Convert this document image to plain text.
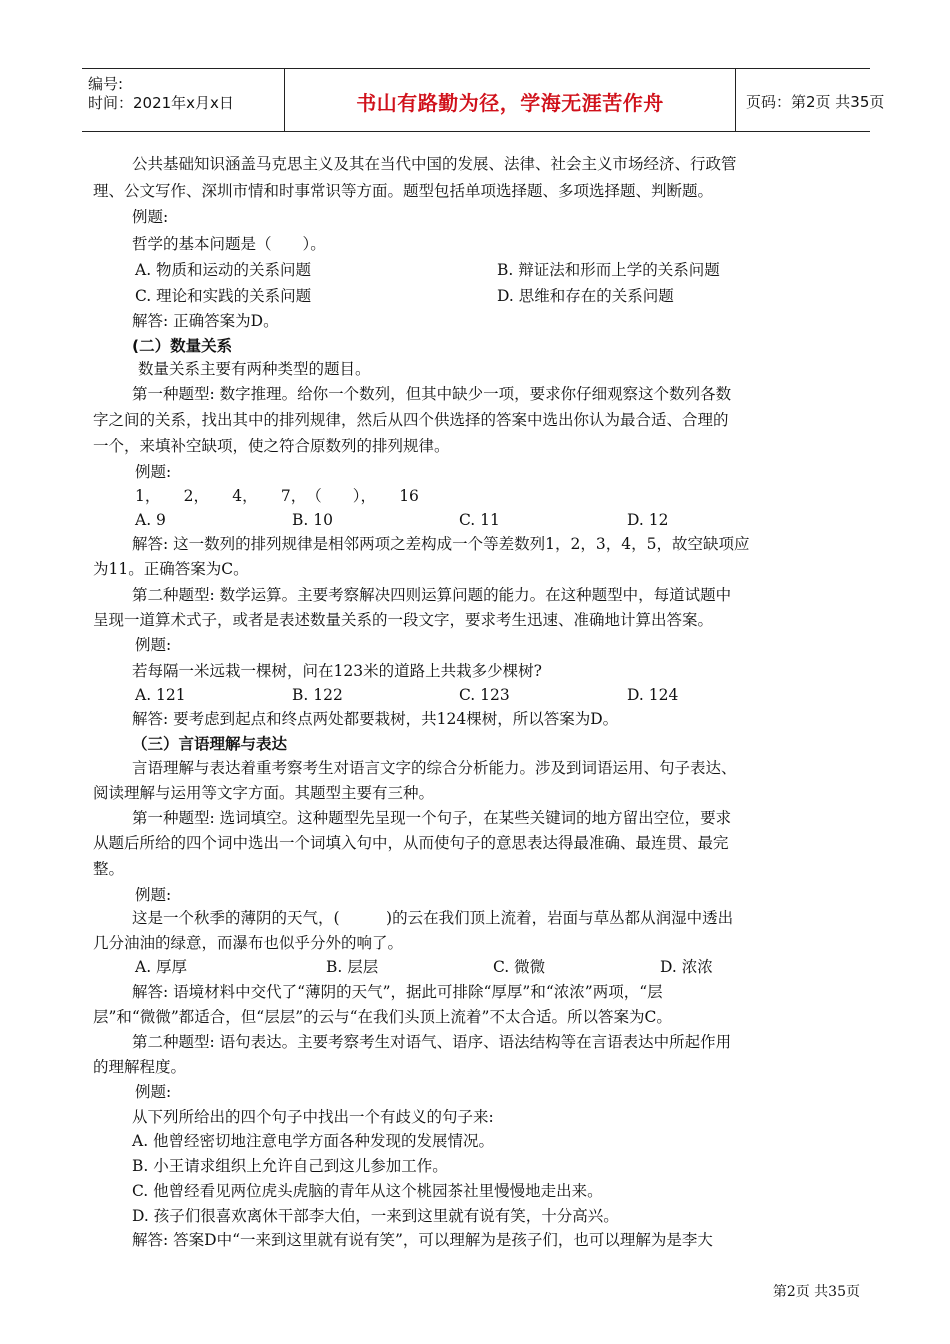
编号:
时间：2021年x月x日	书山有路勤为径，学海无涯苦作舟	页码：第2页 共35页
公共基础知识涵盖马克思主义及其在当代中国的发展、法律、社会主义市场经济、行政管
理、公文写作、深圳市情和时事常识等方面。题型包括单项选择题、多项选择题、判断题。
例题:
哲学的基本问题是（　　）。
A. 物质和运动的关系问题	B. 辩证法和形而上学的关系问题
C. 理论和实践的关系问题	D. 思维和存在的关系问题
解答: 正确答案为D。
(二）数量关系
数量关系主要有两种类型的题目。
第一种题型: 数字推理。给你一个数列，但其中缺少一项，要求你仔细观察这个数列各数
字之间的关系，找出其中的排列规律，然后从四个供选择的答案中选出你认为最合适、合理的
一个，来填补空缺项，使之符合原数列的排列规律。
例题:
1，　　2，　　4，　　7，　（　　），　　16
A. 9	B. 10	C. 11	D. 12
解答: 这一数列的排列规律是相邻两项之差构成一个等差数列1，2，3，4，5，故空缺项应
为11。正确答案为C。
第二种题型: 数学运算。主要考察解决四则运算问题的能力。在这种题型中，每道试题中
呈现一道算术式子，或者是表述数量关系的一段文字，要求考生迅速、准确地计算出答案。
例题:
若每隔一米远栽一棵树，问在123米的道路上共栽多少棵树?
A. 121	B. 122	C. 123	D. 124
解答: 要考虑到起点和终点两处都要栽树，共124棵树，所以答案为D。
（三）言语理解与表达
言语理解与表达着重考察考生对语言文字的综合分析能力。涉及到词语运用、句子表达、
阅读理解与运用等文字方面。其题型主要有三种。
第一种题型: 选词填空。这种题型先呈现一个句子，在某些关键词的地方留出空位，要求
从题后所给的四个词中选出一个词填入句中，从而使句子的意思表达得最准确、最连贯、最完
整。
例题:
这是一个秋季的薄阴的天气，(　　　)的云在我们顶上流着，岩面与草丛都从润湿中透出
几分油油的绿意，而瀑布也似乎分外的响了。
A. 厚厚	B. 层层	C. 微微	D. 浓浓
解答: 语境材料中交代了“薄阴的天气”，据此可排除“厚厚”和“浓浓”两项，“层
层”和“微微”都适合，但“层层”的云与“在我们头顶上流着”不太合适。所以答案为C。
第二种题型: 语句表达。主要考察考生对语气、语序、语法结构等在言语表达中所起作用
的理解程度。
例题:
从下列所给出的四个句子中找出一个有歧义的句子来:
A. 他曾经密切地注意电学方面各种发现的发展情况。
B. 小王请求组织上允许自己到这儿参加工作。
C. 他曾经看见两位虎头虎脑的青年从这个桃园茶社里慢慢地走出来。
D. 孩子们很喜欢离休干部李大伯，一来到这里就有说有笑，十分高兴。
解答: 答案D中“一来到这里就有说有笑”，可以理解为是孩子们，也可以理解为是李大
第2页 共35页
